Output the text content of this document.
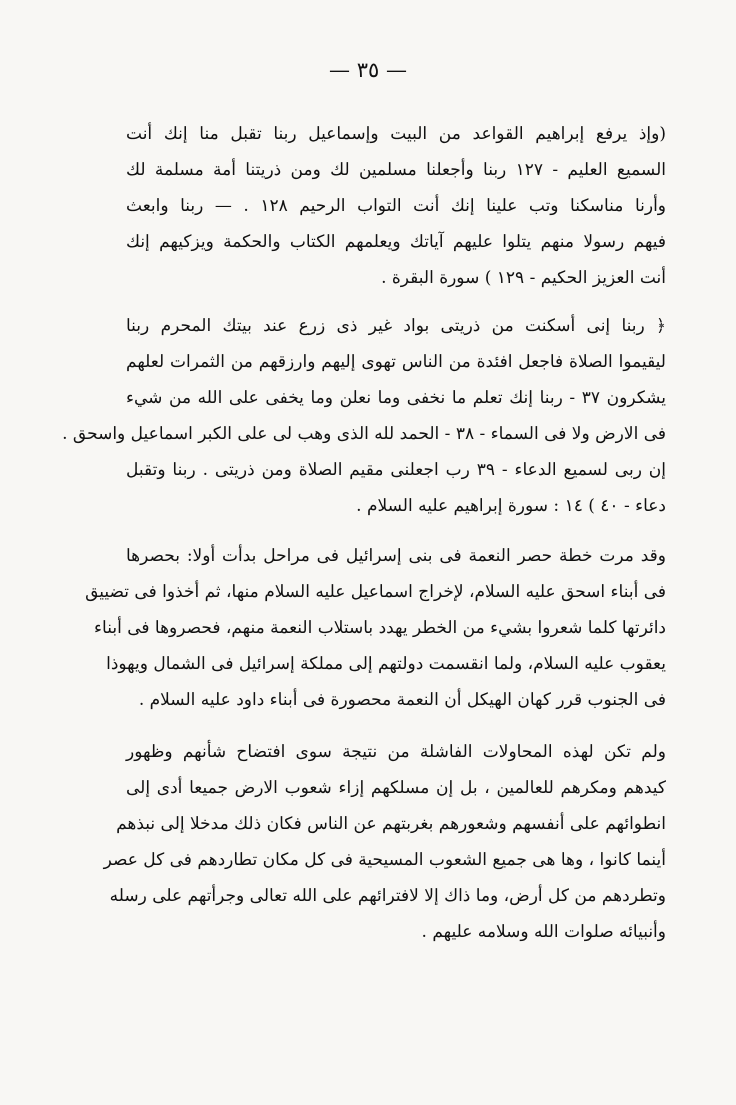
— ٣٥ —
(وإذ يرفع إبراهيم القواعد من البيت وإسماعيل ربنا تقبل منا إنك أنت
السميع العليم - ١٢٧ ربنا وأجعلنا مسلمين لك ومن ذريتنا أمة مسلمة لك
وأرنا مناسكنا وتب علينا إنك أنت التواب الرحيم ١٢٨ . — ربنا وابعث
فيهم رسولا منهم يتلوا عليهم آياتك ويعلمهم الكتاب والحكمة ويزكيهم إنك
أنت العزيز الحكيم - ١٢٩ ) سورة البقرة .
﴿ ربنا إنى أسكنت من ذريتى بواد غير ذى زرع عند بيتك المحرم ربنا
ليقيموا الصلاة فاجعل افئدة من الناس تهوى إليهم وارزقهم من الثمرات لعلهم
يشكرون ٣٧ - ربنا إنك تعلم ما نخفى وما نعلن وما يخفى على الله من شيء
فى الارض ولا فى السماء - ٣٨ - الحمد لله الذى وهب لى على الكبر اسماعيل واسحق .
إن ربى لسميع الدعاء - ٣٩ رب اجعلنى مقيم الصلاة ومن ذريتى . ربنا وتقبل
دعاء - ٤٠ ) ١٤ : سورة إبراهيم عليه السلام .
وقد مرت خطة حصر النعمة فى بنى إسرائيل فى مراحل بدأت أولا: بحصرها
فى أبناء اسحق عليه السلام، لإخراج اسماعيل عليه السلام منها، ثم أخذوا فى تضييق
دائرتها كلما شعروا بشيء من الخطر يهدد باستلاب النعمة منهم، فحصروها فى أبناء
يعقوب عليه السلام، ولما انقسمت دولتهم إلى مملكة إسرائيل فى الشمال ويهوذا
فى الجنوب قرر كهان الهيكل أن النعمة محصورة فى أبناء داود عليه السلام .
ولم تكن لهذه المحاولات الفاشلة من نتيجة سوى افتضاح شأنهم وظهور
كيدهم ومكرهم للعالمين ، بل إن مسلكهم إزاء شعوب الارض جميعا أدى إلى
انطوائهم على أنفسهم وشعورهم بغربتهم عن الناس فكان ذلك مدخلا إلى نبذهم
أينما كانوا ، وها هى جميع الشعوب المسيحية فى كل مكان تطاردهم فى كل عصر
وتطردهم من كل أرض، وما ذاك إلا لافترائهم على الله تعالى وجرأتهم على رسله
وأنبيائه صلوات الله وسلامه عليهم .
